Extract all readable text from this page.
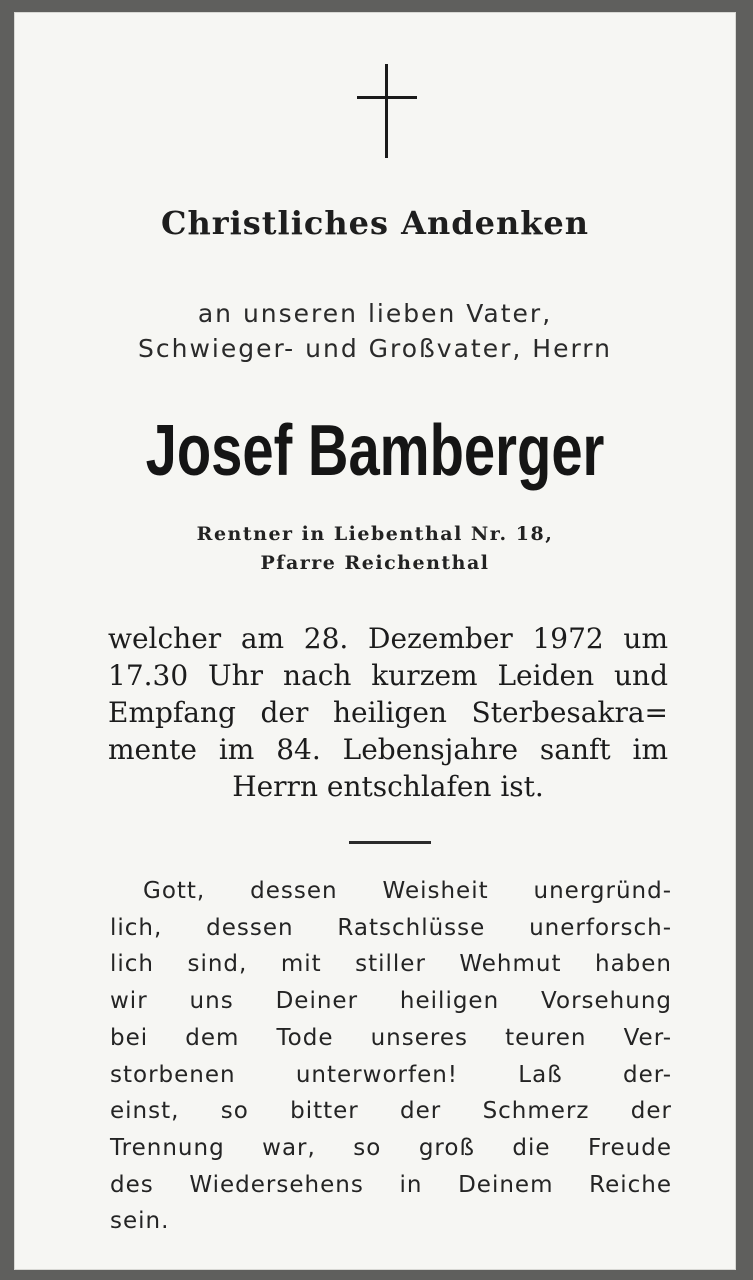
Christliches Andenken
an unseren lieben Vater,
Schwieger- und Großvater, Herrn
Josef Bamberger
Rentner in Liebenthal Nr. 18,
Pfarre Reichenthal
welcher am 28. Dezember 1972 um 17.30 Uhr nach kurzem Leiden und Empfang der heiligen Sterbesakra= mente im 84. Lebensjahre sanft im Herrn entschlafen ist.
Gott, dessen Weisheit unergründ-
lich, dessen Ratschlüsse unerforsch-
lich sind, mit stiller Wehmut haben
wir uns Deiner heiligen Vorsehung
bei dem Tode unseres teuren Ver-
storbenen unterworfen! Laß der-
einst, so bitter der Schmerz der
Trennung war, so groß die Freude
des Wiedersehens in Deinem Reiche
sein.
